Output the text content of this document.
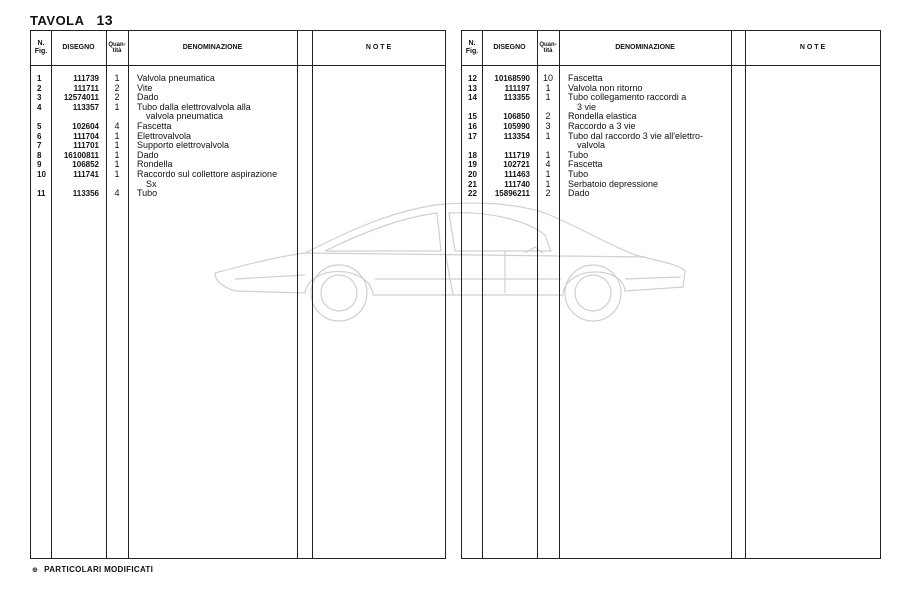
TAVOLA 13
N.
Fig.
DISEGNO Quan-
tità	DENOMINAZIONE	N O T E
1	111739	1	Valvola pneumatica
2	111711	2	Vite
3	12574011	2	Dado
4	113357	1	Tubo dalla elettrovalvola alla
valvola pneumatica
5	102604	4	Fascetta
6	111704	1	Elettrovalvola
7	111701	1	Supporto elettrovalvola
8	16100811	1	Dado
9	106852	1	Rondella
10	111741	1	Raccordo sul collettore aspirazione
Sx
11	113356	4	Tubo
N.
Fig.
DISEGNO Quan-
tità	DENOMINAZIONE	N O T E
12 10168590 10 Fascetta
13	111197	1	Valvola non ritorno
14	113355	1	Tubo collegamento raccordi a
3 vie
15	106850	2	Rondella elastica
16	105990	3	Raccordo a 3 vie
17	113354	1	Tubo dal raccordo 3 vie all'elettro-
valvola
18	111719	1	Tubo
19	102721	4	Fascetta
20	111463	1	Tubo
21	111740	1	Serbatoio depressione
22 15896211	2	Dado
⊕ PARTICOLARI MODIFICATI
